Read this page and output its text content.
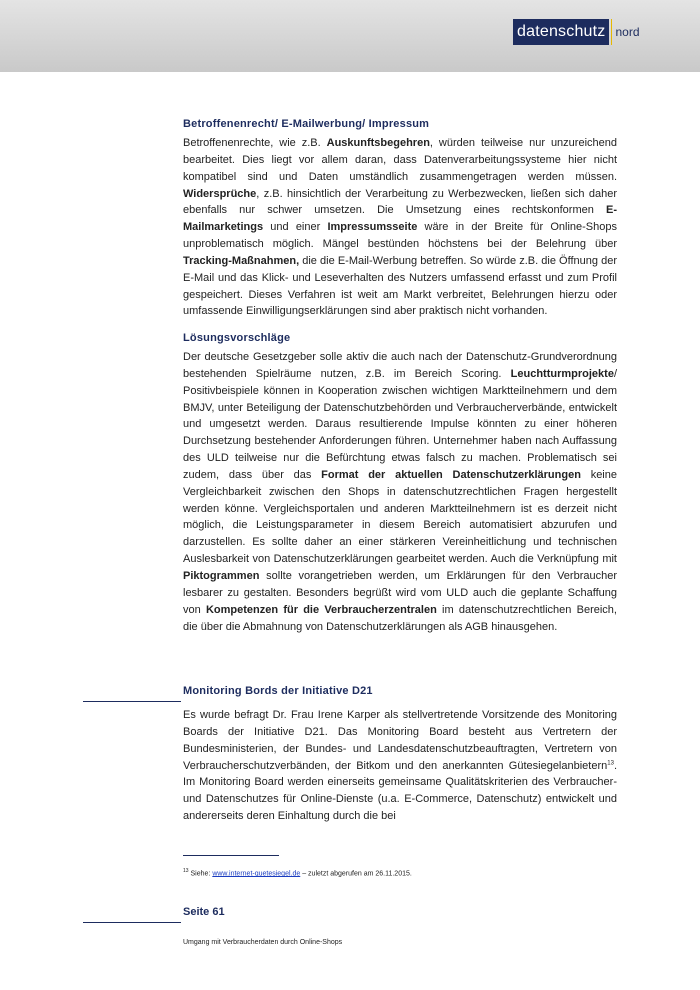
datenschutz nord
Betroffenenrecht/ E-Mailwerbung/ Impressum

Betroffenenrechte, wie z.B. Auskunftsbegehren, würden teilweise nur unzureichend bearbeitet. Dies liegt vor allem daran, dass Datenverarbeitungssysteme hier nicht kompatibel sind und Daten umständlich zusammengetragen werden müssen. Widersprüche, z.B. hinsichtlich der Verarbeitung zu Werbezwecken, ließen sich daher ebenfalls nur schwer umsetzen. Die Umsetzung eines rechtskonformen E-Mailmarketings und einer Impressumsseite wäre in der Breite für Online-Shops unproblematisch möglich. Mängel bestünden höchstens bei der Belehrung über Tracking-Maßnahmen, die die E-Mail-Werbung betreffen. So würde z.B. die Öffnung der E-Mail und das Klick- und Leseverhalten des Nutzers umfassend erfasst und zum Profil gespeichert. Dieses Verfahren ist weit am Markt verbreitet, Belehrungen hierzu oder umfassende Einwilligungserklärungen sind aber praktisch nicht vorhanden.

Lösungsvorschläge

Der deutsche Gesetzgeber solle aktiv die auch nach der Datenschutz-Grundverordnung bestehenden Spielräume nutzen, z.B. im Bereich Scoring. Leuchtturmprojekte/ Positivbeispiele können in Kooperation zwischen wichtigen Marktteilnehmern und dem BMJV, unter Beteiligung der Datenschutzbehörden und Verbraucherverbände, entwickelt und umgesetzt werden. Daraus resultierende Impulse könnten zu einer höheren Durchsetzung bestehender Anforderungen führen. Unternehmer haben nach Auffassung des ULD teilweise nur die Befürchtung etwas falsch zu machen. Problematisch sei zudem, dass über das Format der aktuellen Datenschutzerklärungen keine Vergleichbarkeit zwischen den Shops in datenschutzrechtlichen Fragen hergestellt werden könne. Vergleichsportalen und anderen Marktteilnehmern ist es derzeit nicht möglich, die Leistungsparameter in diesem Bereich automatisiert abzurufen und darzustellen. Es sollte daher an einer stärkeren Vereinheitlichung und technischen Auslesbarkeit von Datenschutzerklärungen gearbeitet werden. Auch die Verknüpfung mit Piktogrammen sollte vorangetrieben werden, um Erklärungen für den Verbraucher lesbarer zu gestalten. Besonders begrüßt wird vom ULD auch die geplante Schaffung von Kompetenzen für die Verbraucherzentralen im datenschutzrechtlichen Bereich, die über die Abmahnung von Datenschutzerklärungen als AGB hinausgehen.

Monitoring Bords der Initiative D21

Es wurde befragt Dr. Frau Irene Karper als stellvertretende Vorsitzende des Monitoring Boards der Initiative D21. Das Monitoring Board besteht aus Vertretern der Bundesministerien, der Bundes- und Landesdatenschutzbeauftragten, Vertretern von Verbraucherschutzverbänden, der Bitkom und den anerkannten Gütesiegelanbietern$^{13}$. Im Monitoring Board werden einerseits gemeinsame Qualitätskriterien des Verbraucher- und Datenschutzes für Online-Dienste (u.a. E-Commerce, Datenschutz) entwickelt und andererseits deren Einhaltung durch die bei

$^{13}$ Siehe: www.internet-guetesiegel.de – zuletzt abgerufen am 26.11.2015.
Seite 61
Umgang mit Verbraucherdaten durch Online-Shops
